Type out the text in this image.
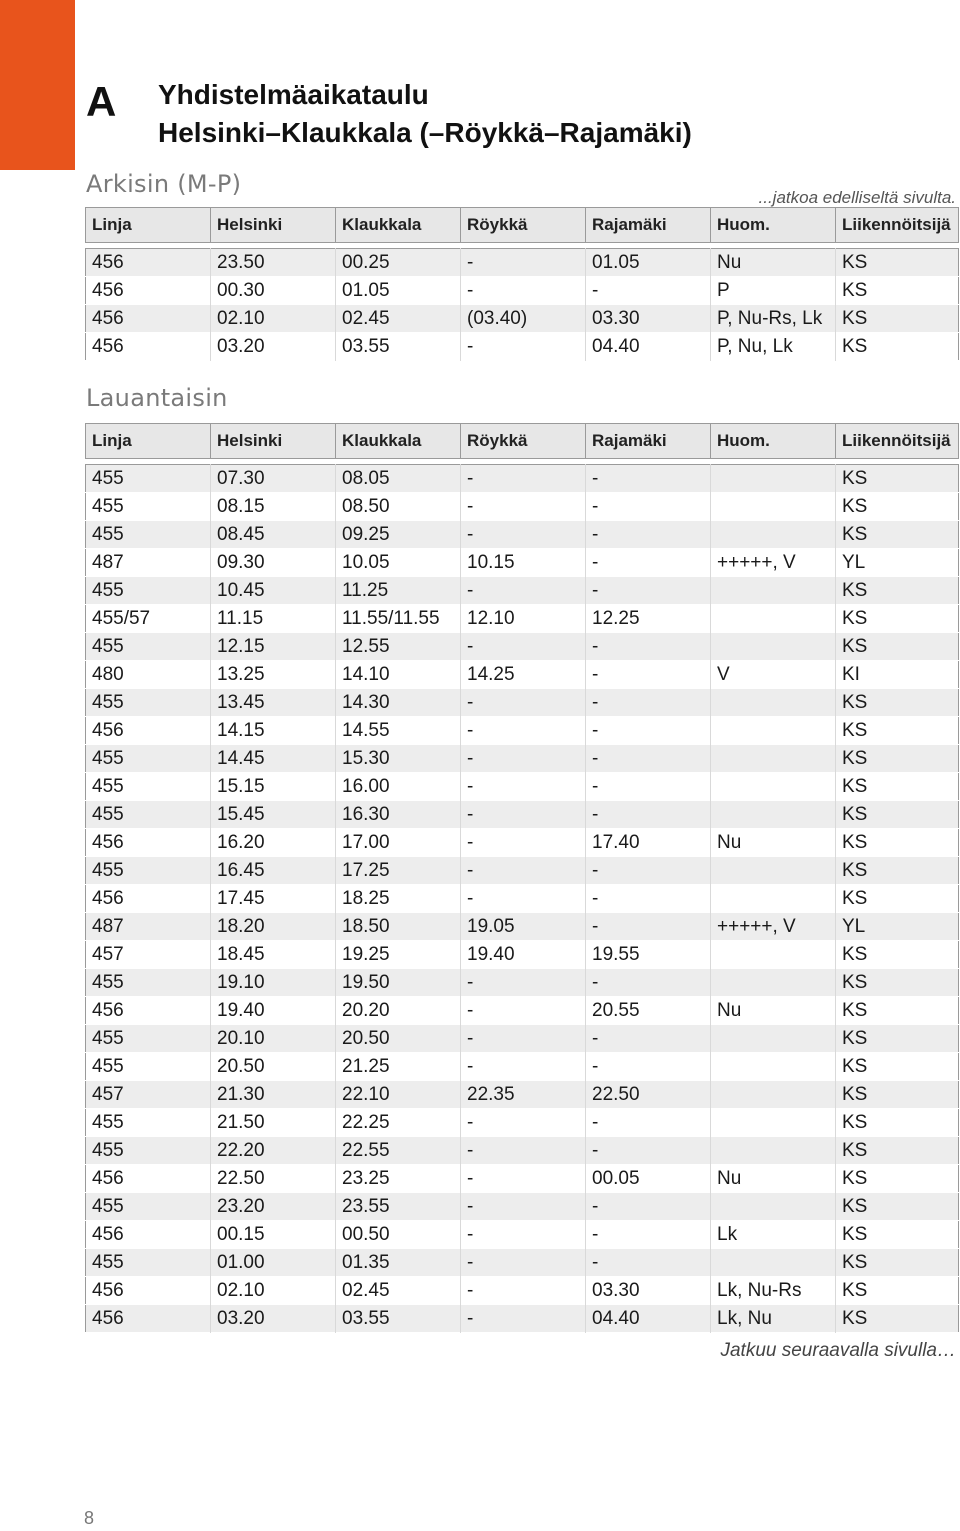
A Yhdistelmäaikataulu
Helsinki–Klaukkala (–Röykkä–Rajamäki)
Arkisin (M-P)	...jatkoa edelliseltä sivulta.
Linja	Helsinki	Klaukkala	Röykkä	Rajamäki	Huom.	Liikennöitsijä

456	23.50	00.25	-	01.05	Nu	KS
456	00.30	01.05	-	-	P	KS
456	02.10	02.45	(03.40)	03.30	P, Nu-Rs, Lk	KS
456	03.20	03.55	-	04.40	P, Nu, Lk	KS
Lauantaisin
Linja	Helsinki	Klaukkala	Röykkä	Rajamäki	Huom.	Liikennöitsijä

455	07.30	08.05	-	-		KS
455	08.15	08.50	-	-		KS
455	08.45	09.25	-	-		KS
487	09.30	10.05	10.15	-	+++++, V	YL
455	10.45	11.25	-	-		KS
455/57	11.15	11.55/11.55	12.10	12.25		KS
455	12.15	12.55	-	-		KS
480	13.25	14.10	14.25	-	V	KI
455	13.45	14.30	-	-		KS
456	14.15	14.55	-	-		KS
455	14.45	15.30	-	-		KS
455	15.15	16.00	-	-		KS
455	15.45	16.30	-	-		KS
456	16.20	17.00	-	17.40	Nu	KS
455	16.45	17.25	-	-		KS
456	17.45	18.25	-	-		KS
487	18.20	18.50	19.05	-	+++++, V	YL
457	18.45	19.25	19.40	19.55		KS
455	19.10	19.50	-	-		KS
456	19.40	20.20	-	20.55	Nu	KS
455	20.10	20.50	-	-		KS
455	20.50	21.25	-	-		KS
457	21.30	22.10	22.35	22.50		KS
455	21.50	22.25	-	-		KS
455	22.20	22.55	-	-		KS
456	22.50	23.25	-	00.05	Nu	KS
455	23.20	23.55	-	-		KS
456	00.15	00.50	-	-	Lk	KS
455	01.00	01.35	-	-		KS
456	02.10	02.45	-	03.30	Lk, Nu-Rs	KS
456	03.20	03.55	-	04.40	Lk, Nu	KS
Jatkuu seuraavalla sivulla…
8
